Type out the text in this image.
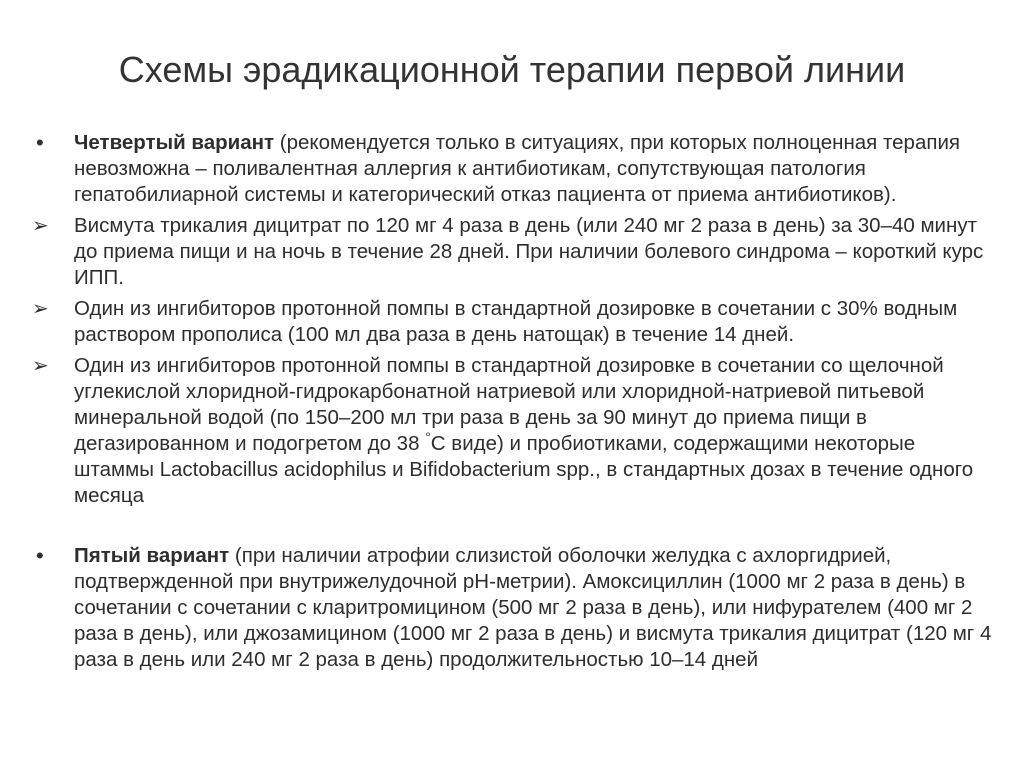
Схемы эрадикационной терапии первой линии
•	Четвертый вариант (рекомендуется только в ситуациях, при которых полноценная терапия невозможна – поливалентная аллергия к антибиотикам, сопутствующая патология гепатобилиарной системы и категорический отказ пациента от приема антибиотиков).
➢	Висмута трикалия дицитрат по 120 мг 4 раза в день (или 240 мг 2 раза в день) за 30–40 минут до приема пищи и на ночь в течение 28 дней. При наличии болевого синдрома – короткий курс ИПП.
➢	Один из ингибиторов протонной помпы в стандартной дозировке в сочетании с 30% водным раствором прополиса (100 мл два раза в день натощак) в течение 14 дней.
➢	Один из ингибиторов протонной помпы в стандартной дозировке в сочетании со щелочной углекислой хлоридной-гидрокарбонатной натриевой или хлоридной-натриевой питьевой минеральной водой (по 150–200 мл три раза в день за 90 минут до приема пищи в дегазированном и подогретом до 38 °C виде) и пробиотиками, содержащими некоторые штаммы Lactobacillus acidophilus и Bifidobacterium spp., в стандартных дозах в течение одного месяца
•	Пятый вариант (при наличии атрофии слизистой оболочки желудка с ахлоргидрией, подтвержденной при внутрижелудочной pH-метрии). Амоксициллин (1000 мг 2 раза в день) в сочетании с сочетании с кларитромицином (500 мг 2 раза в день), или нифурателем (400 мг 2 раза в день), или джозамицином (1000 мг 2 раза в день) и висмута трикалия дицитрат (120 мг 4 раза в день или 240 мг 2 раза в день) продолжительностью 10–14 дней
